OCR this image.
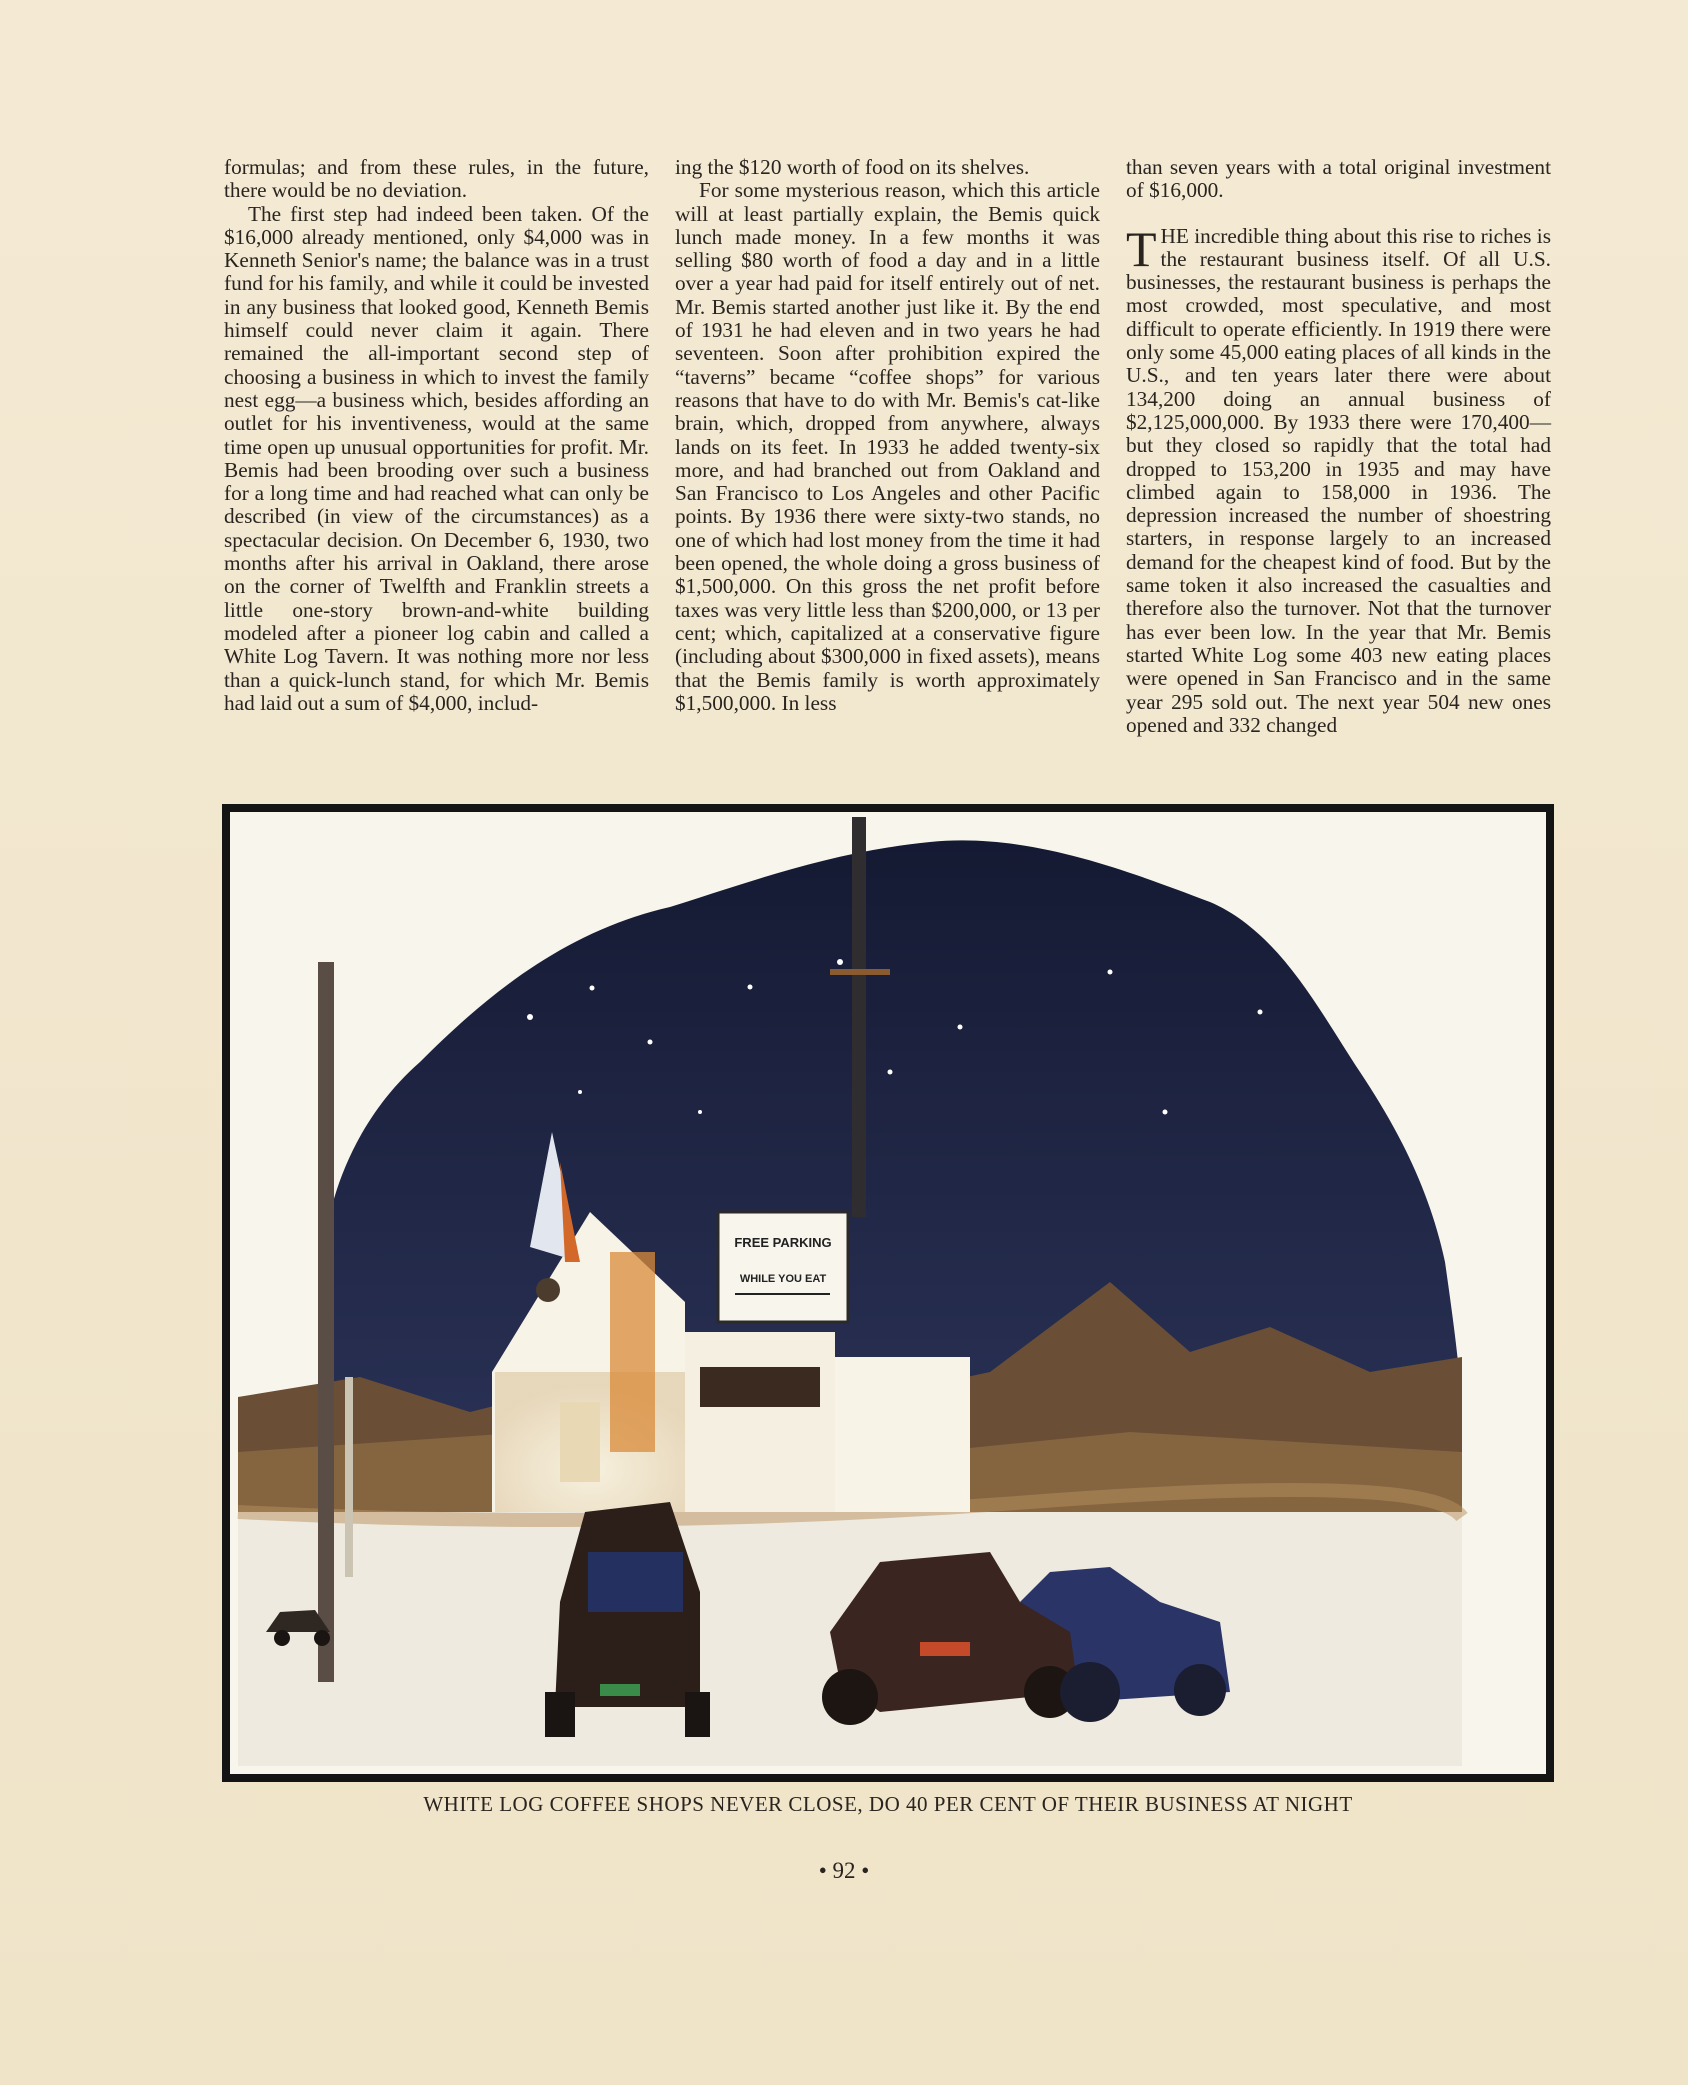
formulas; and from these rules, in the future, there would be no deviation.

The first step had indeed been taken. Of the $16,000 already mentioned, only $4,000 was in Kenneth Senior's name; the balance was in a trust fund for his family, and while it could be invested in any business that looked good, Kenneth Bemis himself could never claim it again. There remained the all-important second step of choosing a business in which to invest the family nest egg—a business which, besides affording an outlet for his inventiveness, would at the same time open up unusual opportunities for profit. Mr. Bemis had been brooding over such a business for a long time and had reached what can only be described (in view of the circumstances) as a spectacular decision. On December 6, 1930, two months after his arrival in Oakland, there arose on the corner of Twelfth and Franklin streets a little one-story brown-and-white building modeled after a pioneer log cabin and called a White Log Tavern. It was nothing more nor less than a quick-lunch stand, for which Mr. Bemis had laid out a sum of $4,000, includ-

ing the $120 worth of food on its shelves.

For some mysterious reason, which this article will at least partially explain, the Bemis quick lunch made money. In a few months it was selling $80 worth of food a day and in a little over a year had paid for itself entirely out of net. Mr. Bemis started another just like it. By the end of 1931 he had eleven and in two years he had seventeen. Soon after prohibition expired the “taverns” became “coffee shops” for various reasons that have to do with Mr. Bemis's cat-like brain, which, dropped from anywhere, always lands on its feet. In 1933 he added twenty-six more, and had branched out from Oakland and San Francisco to Los Angeles and other Pacific points. By 1936 there were sixty-two stands, no one of which had lost money from the time it had been opened, the whole doing a gross business of $1,500,000. On this gross the net profit before taxes was very little less than $200,000, or 13 per cent; which, capitalized at a conservative figure (including about $300,000 in fixed assets), means that the Bemis family is worth approximately $1,500,000. In less

than seven years with a total original investment of $16,000.

THE incredible thing about this rise to riches is the restaurant business itself. Of all U.S. businesses, the restaurant business is perhaps the most crowded, most speculative, and most difficult to operate efficiently. In 1919 there were only some 45,000 eating places of all kinds in the U.S., and ten years later there were about 134,200 doing an annual business of $2,125,000,000. By 1933 there were 170,400—but they closed so rapidly that the total had dropped to 153,200 in 1935 and may have climbed again to 158,000 in 1936. The depression increased the number of shoestring starters, in response largely to an increased demand for the cheapest kind of food. But by the same token it also increased the casualties and therefore also the turnover. Not that the turnover has ever been low. In the year that Mr. Bemis started White Log some 403 new eating places were opened in San Francisco and in the same year 295 sold out. The next year 504 new ones opened and 332 changed

FREE PARKING
WHILE YOU EAT
WHITE LOG COFFEE SHOPS NEVER CLOSE, DO 40 PER CENT OF THEIR BUSINESS AT NIGHT
• 92 •
